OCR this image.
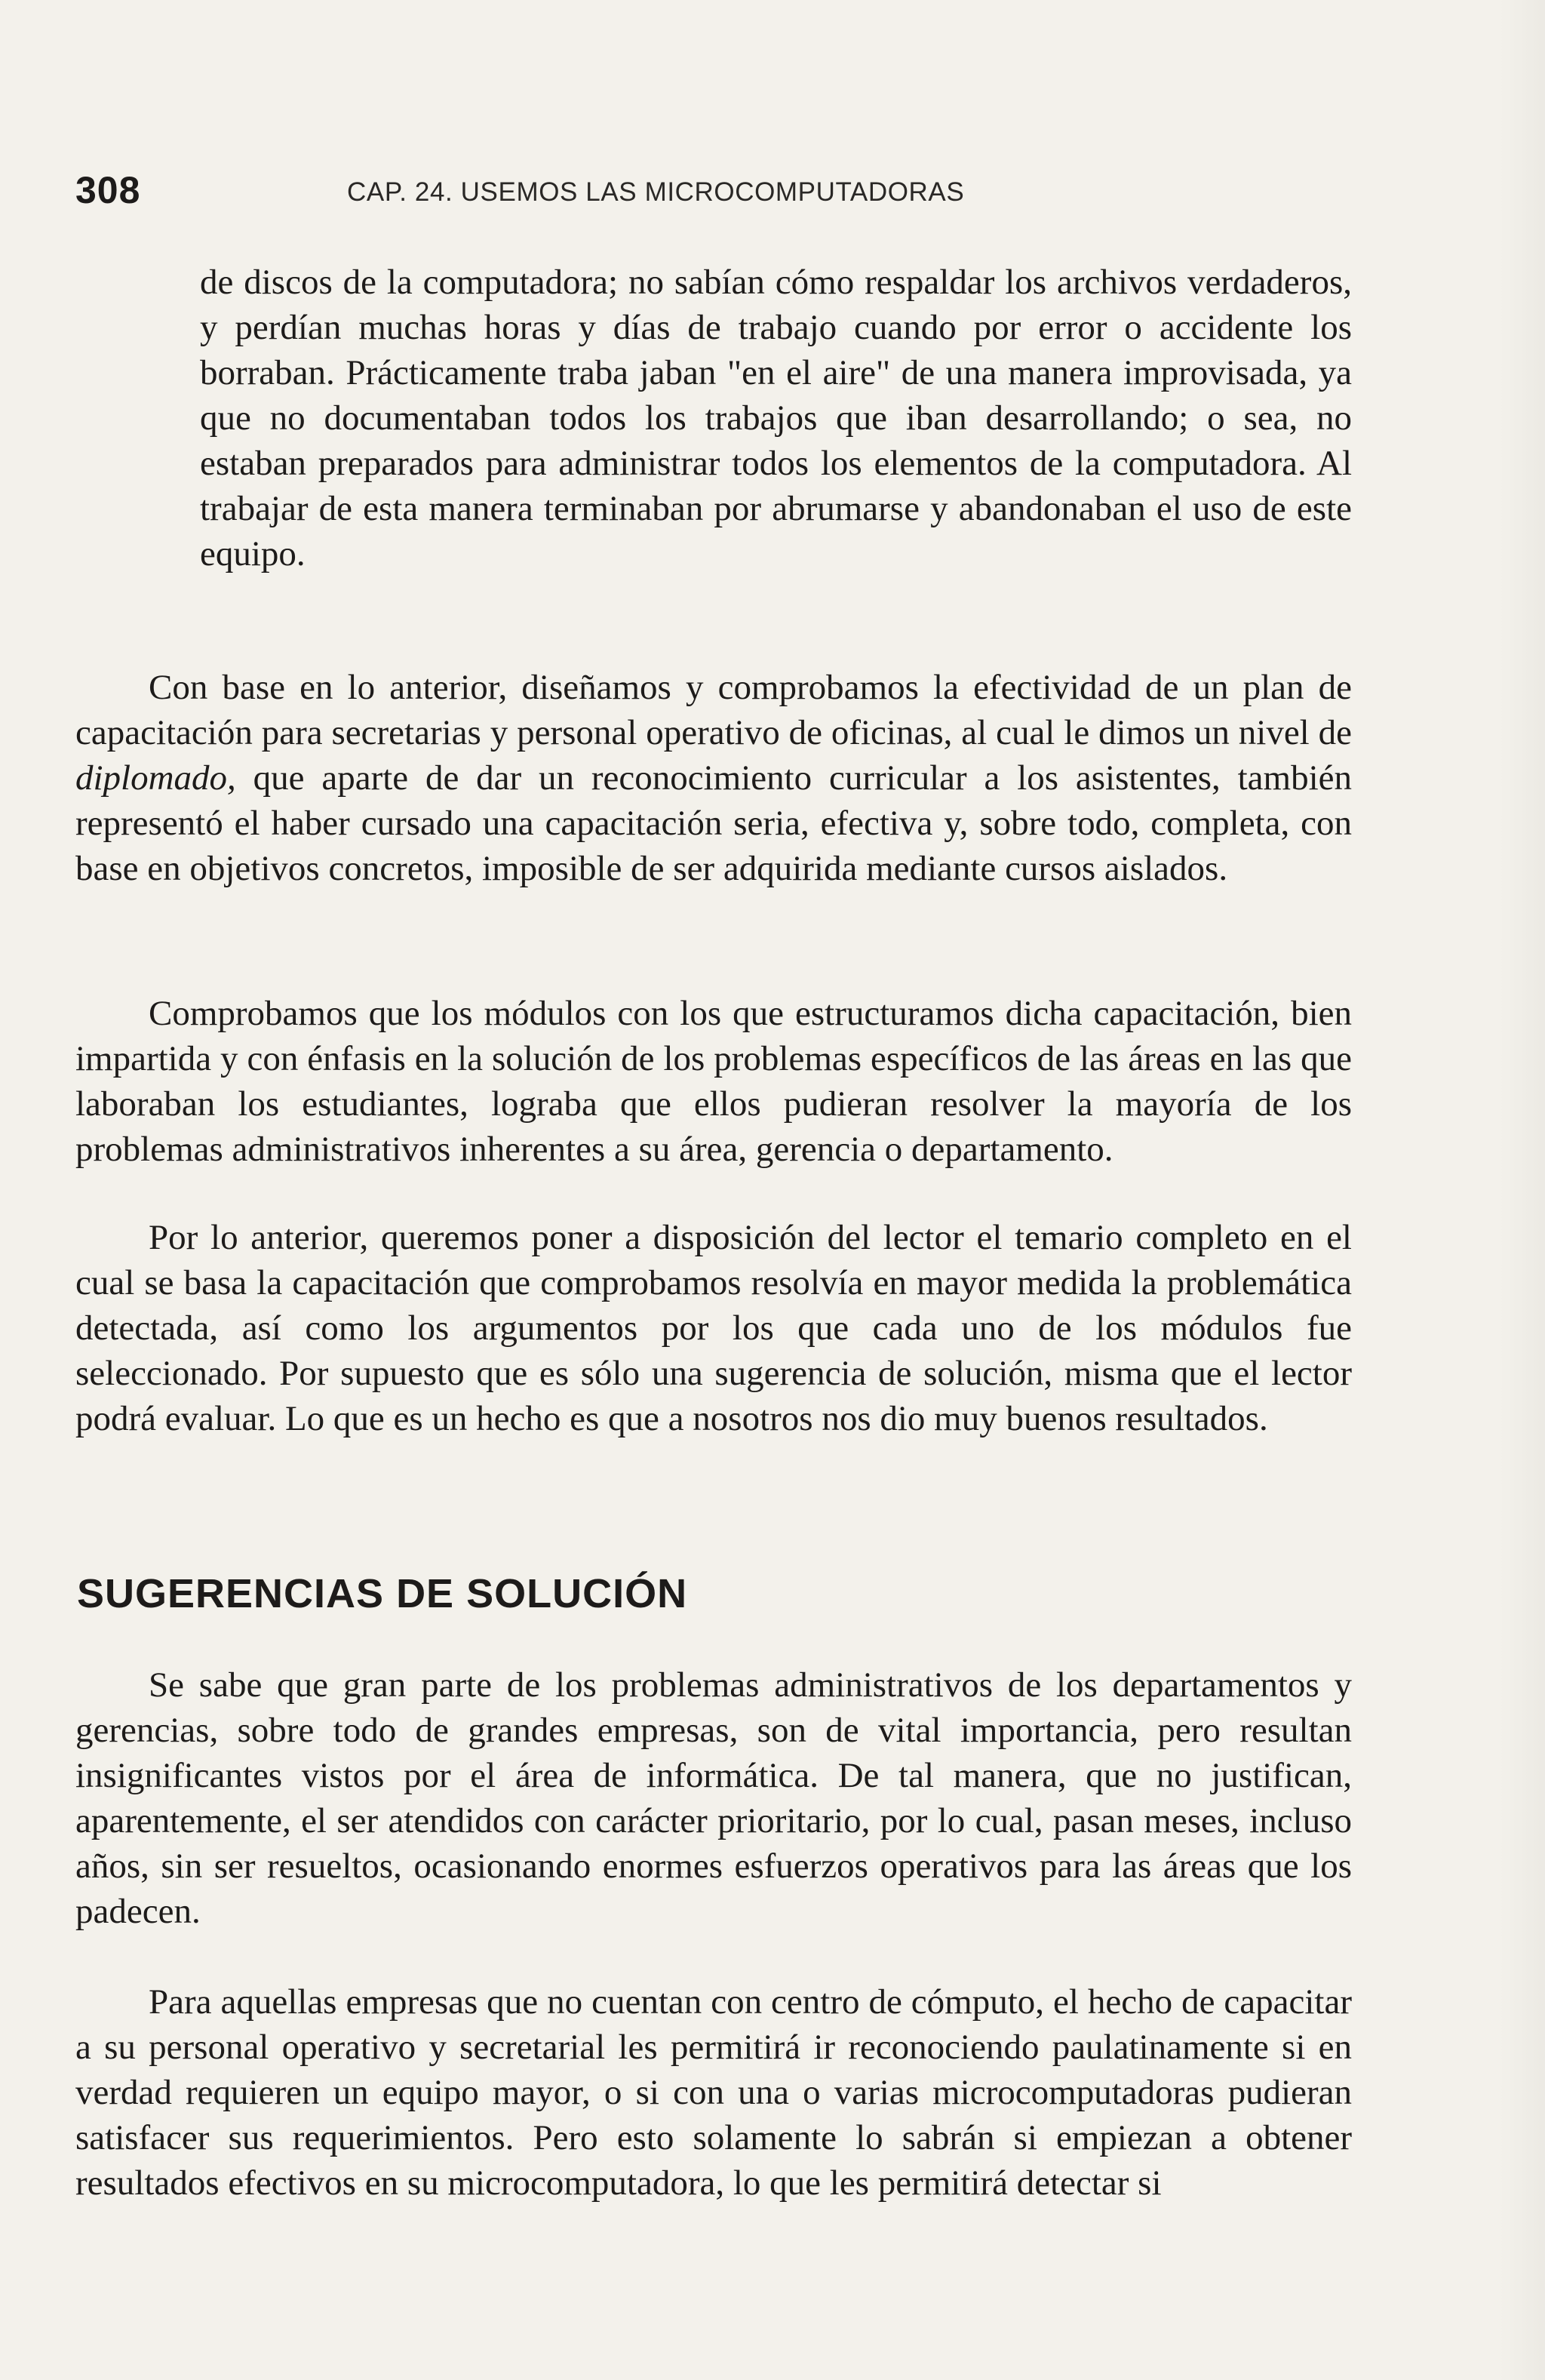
308	CAP. 24. USEMOS LAS MICROCOMPUTADORAS

de discos de la computadora; no sabían cómo respaldar los archivos verdaderos, y perdían muchas horas y días de trabajo cuando por error o accidente los borraban. Prácticamente traba jaban "en el aire" de una manera improvisada, ya que no documentaban todos los trabajos que iban desarrollando; o sea, no estaban preparados para administrar todos los elementos de la computadora. Al trabajar de esta manera terminaban por abrumarse y abandonaban el uso de este equipo.

Con base en lo anterior, diseñamos y comprobamos la efectividad de un plan de capacitación para secretarias y personal operativo de oficinas, al cual le dimos un nivel de diplomado, que aparte de dar un reconocimiento curricular a los asistentes, también representó el haber cursado una capacitación seria, efectiva y, sobre todo, completa, con base en objetivos concretos, imposible de ser adquirida mediante cursos aislados.

Comprobamos que los módulos con los que estructuramos dicha capacitación, bien impartida y con énfasis en la solución de los problemas específicos de las áreas en las que laboraban los estudiantes, lograba que ellos pudieran resolver la mayoría de los problemas administrativos inherentes a su área, gerencia o departamento.

Por lo anterior, queremos poner a disposición del lector el temario completo en el cual se basa la capacitación que comprobamos resolvía en mayor medida la problemática detectada, así como los argumentos por los que cada uno de los módulos fue seleccionado. Por supuesto que es sólo una sugerencia de solución, misma que el lector podrá evaluar. Lo que es un hecho es que a nosotros nos dio muy buenos resultados.

SUGERENCIAS DE SOLUCIÓN

Se sabe que gran parte de los problemas administrativos de los departamentos y gerencias, sobre todo de grandes empresas, son de vital importancia, pero resultan insignificantes vistos por el área de informática. De tal manera, que no justifican, aparentemente, el ser atendidos con carácter prioritario, por lo cual, pasan meses, incluso años, sin ser resueltos, ocasionando enormes esfuerzos operativos para las áreas que los padecen.

Para aquellas empresas que no cuentan con centro de cómputo, el hecho de capacitar a su personal operativo y secretarial les permitirá ir reconociendo paulatinamente si en verdad requieren un equipo mayor, o si con una o varias microcomputadoras pudieran satisfacer sus requerimientos. Pero esto solamente lo sabrán si empiezan a obtener resultados efectivos en su microcomputadora, lo que les permitirá detectar si
